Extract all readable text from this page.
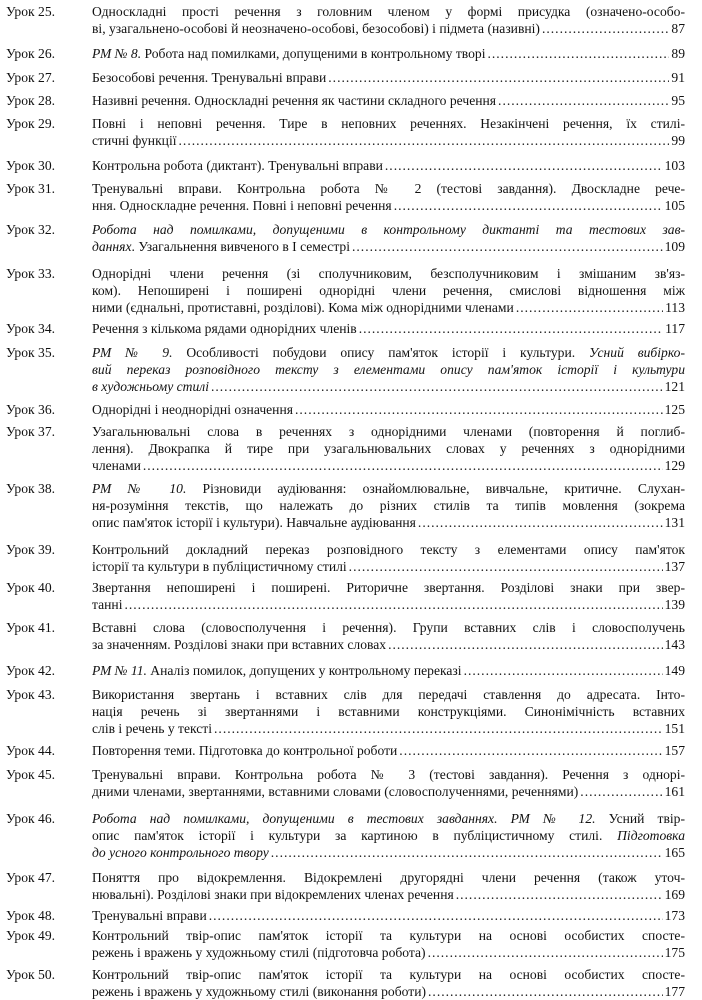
Урок 25.	Односкладні прості речення з головним членом у формі присудка (означено-особо-
ві, узагальнено-особові й неозначено-особові, безособові) і підмета (називні) .....	87
Урок 26.	РМ № 8. Робота над помилками, допущеними в контрольному творі .....	89
Урок 27.	Безособові речення. Тренувальні вправи .....	91
Урок 28.	Називні речення. Односкладні речення як частини складного речення .....	95
Урок 29.	Повні і неповні речення. Тире в неповних реченнях. Незакінчені речення, їх стилі-
стичні функції .....	99
Урок 30.	Контрольна робота (диктант). Тренувальні вправи .....	103
Урок 31.	Тренувальні вправи. Контрольна робота № 2 (тестові завдання). Двоскладне рече-
ння. Односкладне речення. Повні і неповні речення .....	105
Урок 32.	Робота над помилками, допущеними в контрольному диктанті та тестових зав-
даннях. Узагальнення вивченого в І семестрі .....	109
Урок 33.	Однорідні члени речення (зі сполучниковим, безсполучниковим і змішаним зв'яз-
ком). Непоширені і поширені однорідні члени речення, смислові відношення між
ними (єднальні, протиставні, розділові). Кома між однорідними членами .....	113
Урок 34.	Речення з кількома рядами однорідних членів .....	117
Урок 35.	РМ № 9. Особливості побудови опису пам'яток історії і культури. Усний вибірко-
вий переказ розповідного тексту з елементами опису пам'яток історії і культури
в художньому стилі .....	121
Урок 36.	Однорідні і неоднорідні означення .....	125
Урок 37.	Узагальнювальні слова в реченнях з однорідними членами (повторення й поглиб-
лення). Двокрапка й тире при узагальнювальних словах у реченнях з однорідними
членами .....	129
Урок 38.	РМ № 10. Різновиди аудіювання: ознайомлювальне, вивчальне, критичне. Слухан-
ня-розуміння текстів, що належать до різних стилів та типів мовлення (зокрема
опис пам'яток історії і культури). Навчальне аудіювання .....	131
Урок 39.	Контрольний докладний переказ розповідного тексту з елементами опису пам'яток
історії та культури в публіцистичному стилі .....	137
Урок 40.	Звертання непоширені і поширені. Риторичне звертання. Розділові знаки при звер-
танні .....	139
Урок 41.	Вставні слова (словосполучення і речення). Групи вставних слів і словосполучень
за значенням. Розділові знаки при вставних словах .....	143
Урок 42.	РМ № 11. Аналіз помилок, допущених у контрольному переказі .....	149
Урок 43.	Використання звертань і вставних слів для передачі ставлення до адресата. Інто-
нація речень зі звертаннями і вставними конструкціями. Синонімічність вставних
слів і речень у тексті .....	151
Урок 44.	Повторення теми. Підготовка до контрольної роботи .....	157
Урок 45.	Тренувальні вправи. Контрольна робота № 3 (тестові завдання). Речення з одноpі-
дними членами, звертаннями, вставними словами (словосполученнями, реченнями) .....	161
Урок 46.	Робота над помилками, допущеними в тестових завданнях. РМ № 12. Усний твір-
опис пам'яток історії і культури за картиною в публіцистичному стилі. Підготовка
до усного контрольного твору .....	165
Урок 47.	Поняття про відокремлення. Відокремлені другорядні члени речення (також уточ-
нювальні). Розділові знаки при відокремлених членах речення .....	169
Урок 48.	Тренувальні вправи .....	173
Урок 49.	Контрольний твір-опис пам'яток історії та культури на основі особистих спосте-
режень і вражень у художньому стилі (підготовча робота) .....	175
Урок 50.	Контрольний твір-опис пам'яток історії та культури на основі особистих спосте-
режень і вражень у художньому стилі (виконання роботи) .....	177
